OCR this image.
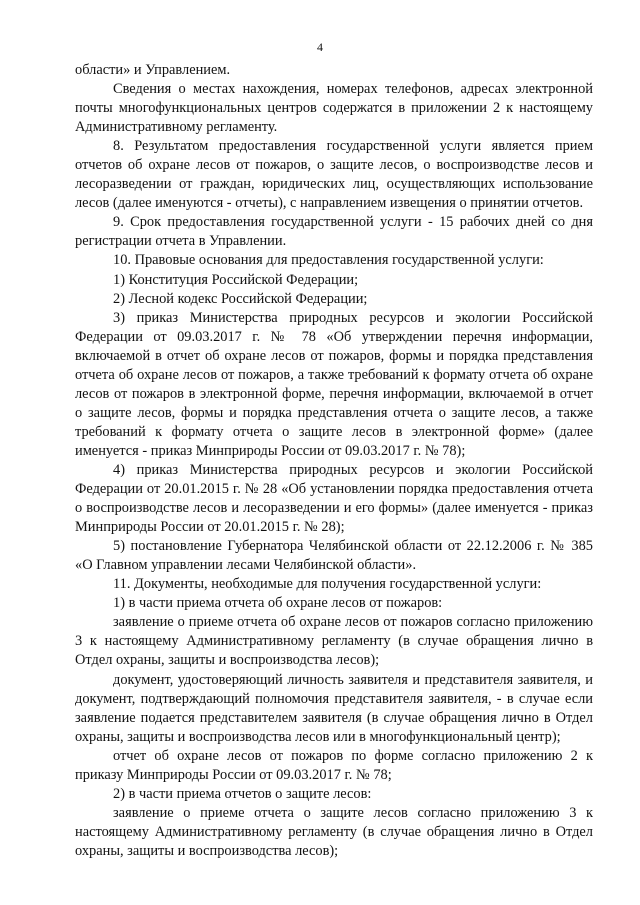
4

области» и Управлением.

Сведения о местах нахождения, номерах телефонов, адресах электронной почты многофункциональных центров содержатся в приложении 2 к настоящему Административному регламенту.

8. Результатом предоставления государственной услуги является прием отчетов об охране лесов от пожаров, о защите лесов, о воспроизводстве лесов и лесоразведении от граждан, юридических лиц, осуществляющих использование лесов (далее именуются - отчеты), с направлением извещения о принятии отчетов.

9. Срок предоставления государственной услуги - 15 рабочих дней со дня регистрации отчета в Управлении.

10. Правовые основания для предоставления государственной услуги:

1) Конституция Российской Федерации;

2) Лесной кодекс Российской Федерации;

3) приказ Министерства природных ресурсов и экологии Российской Федерации от 09.03.2017 г. № 78 «Об утверждении перечня информации, включаемой в отчет об охране лесов от пожаров, формы и порядка представления отчета об охране лесов от пожаров, а также требований к формату отчета об охране лесов от пожаров в электронной форме, перечня информации, включаемой в отчет о защите лесов, формы и порядка представления отчета о защите лесов, а также требований к формату отчета о защите лесов в электронной форме» (далее именуется - приказ Минприроды России от 09.03.2017 г. № 78);

4) приказ Министерства природных ресурсов и экологии Российской Федерации от 20.01.2015 г. № 28 «Об установлении порядка предоставления отчета о воспроизводстве лесов и лесоразведении и его формы» (далее именуется - приказ Минприроды России от 20.01.2015 г. № 28);

5) постановление Губернатора Челябинской области от 22.12.2006 г. № 385 «О Главном управлении лесами Челябинской области».

11. Документы, необходимые для получения государственной услуги:

1) в части приема отчета об охране лесов от пожаров:

заявление о приеме отчета об охране лесов от пожаров согласно приложению 3 к настоящему Административному регламенту (в случае обращения лично в Отдел охраны, защиты и воспроизводства лесов);

документ, удостоверяющий личность заявителя и представителя заявителя, и документ, подтверждающий полномочия представителя заявителя, - в случае если заявление подается представителем заявителя (в случае обращения лично в Отдел охраны, защиты и воспроизводства лесов или в многофункциональный центр);

отчет об охране лесов от пожаров по форме согласно приложению 2 к приказу Минприроды России от 09.03.2017 г. № 78;

2) в части приема отчетов о защите лесов:

заявление о приеме отчета о защите лесов согласно приложению 3 к настоящему Административному регламенту (в случае обращения лично в Отдел охраны, защиты и воспроизводства лесов);
